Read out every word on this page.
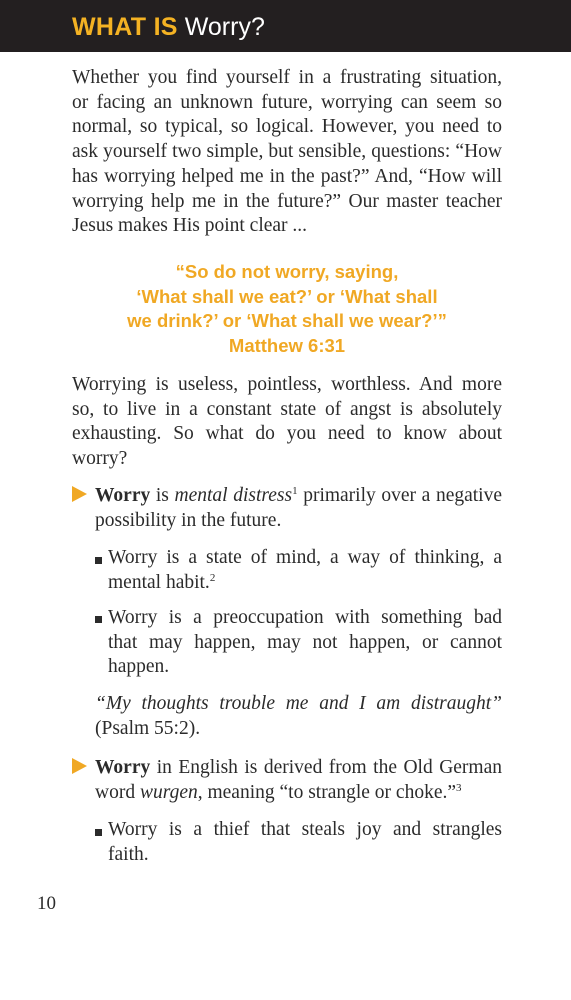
WHAT IS Worry?
Whether you find yourself in a frustrating situation,
or facing an unknown future, worrying can seem so
normal, so typical, so logical. However, you need to
ask yourself two simple, but sensible, questions: “How
has worrying helped me in the past?” And, “How will
worrying help me in the future?” Our master teacher
Jesus makes His point clear ...
“So do not worry, saying,
‘What shall we eat?’ or ‘What shall
we drink?’ or ‘What shall we wear?’”
Matthew 6:31
Worrying is useless, pointless, worthless. And more
so, to live in a constant state of angst is absolutely
exhausting. So what do you need to know about
worry?
Worry is mental distress$^1$ primarily over a negative
possibility in the future.
Worry is a state of mind, a way of thinking, a
mental habit.$^2$
Worry is a preoccupation with something bad
that may happen, may not happen, or cannot
happen.
“My thoughts trouble me and I am distraught”
(Psalm 55:2).
Worry in English is derived from the Old German
word wurgen, meaning “to strangle or choke.”$^3$
Worry is a thief that steals joy and strangles
faith.
10
